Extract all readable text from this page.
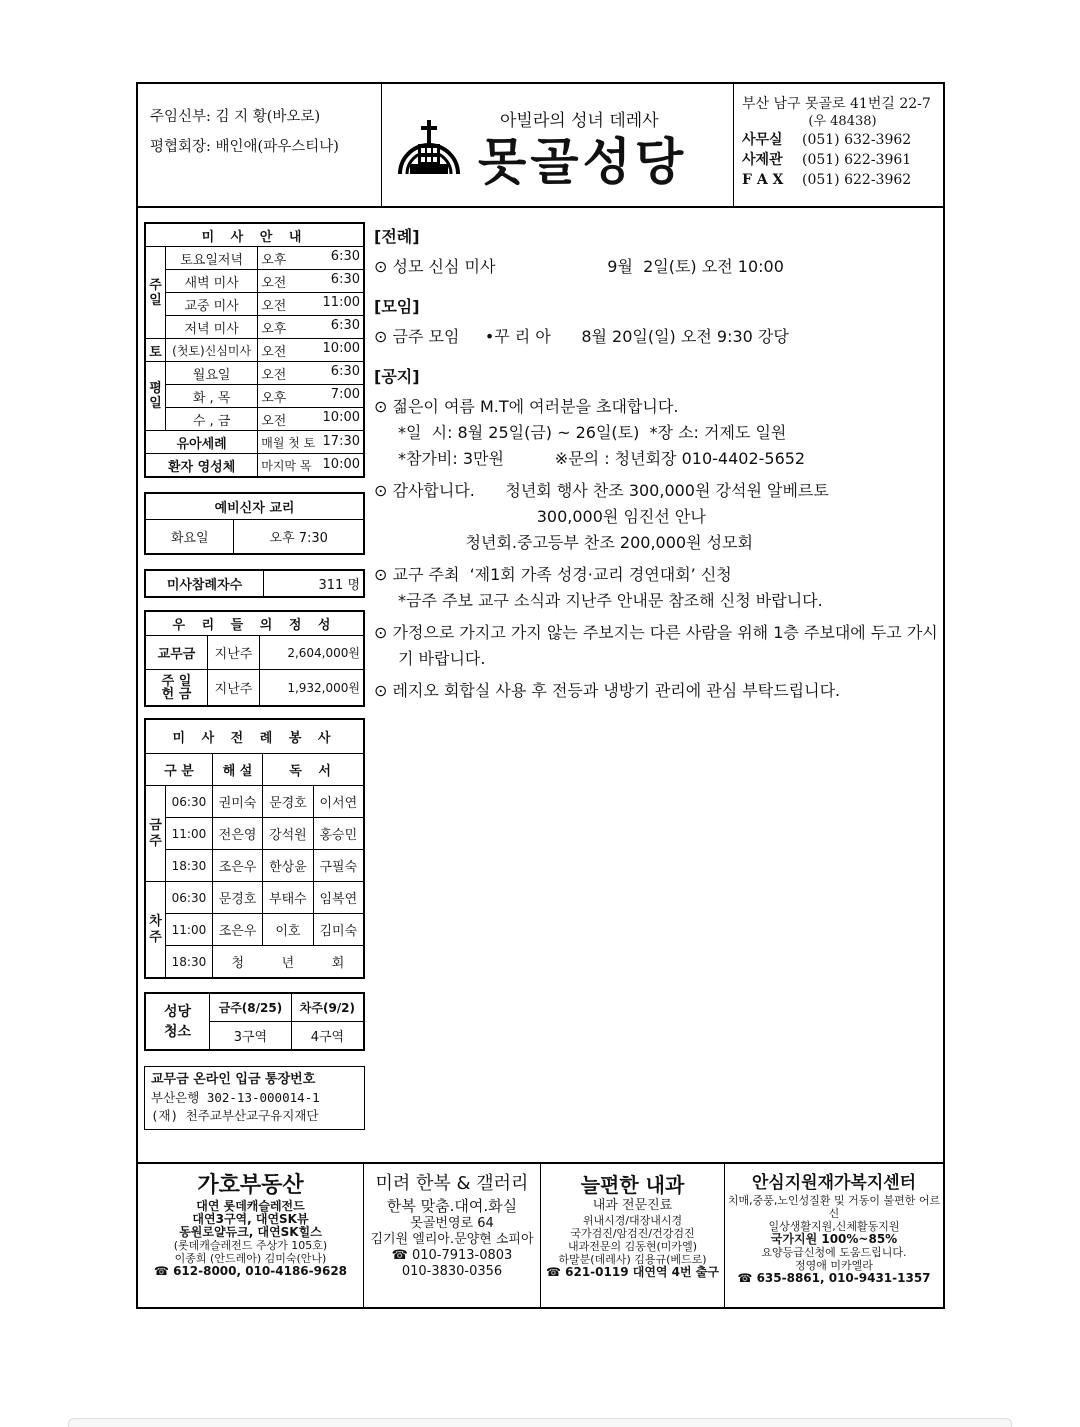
주임신부: 김 지 황(바오로)
평협회장: 배인애(파우스티나)
아빌라의 성녀 데레사
못골성당
부산 남구 못골로 41번길 22-7
(우 48438)
사무실	(051) 632-3962
사제관	(051) 622-3961
F A X	(051) 622-3962
미 사 안 내		
주일	토요일저녁	오후 6:30

	새벽 미사	오전 6:30

	교중 미사	오전 11:00

	저녁 미사	오후 6:30

토	(첫토)신심미사	오전 10:00

평일	월요일	오전 6:30

	화 , 목	오후 7:00

	수 , 금	오전 10:00

유아세례		매월 첫 토 17:30

환자 영성체		마지막 목 10:00
예비신자 교리
화요일	오후 7:30
미사참례자수	311 명
우 리 들 의 정 성		
교무금	지난주	2,604,000원
주 일
헌 금	지난주	1,932,000원
미 사 전 례 봉 사				
구 분		해 설	독 서	
금주	06:30	권미숙	문경호	이서연
	11:00	전은영	강석원	홍승민
	18:30	조은우	한상윤	구필숙
차주	06:30	문경호	부태수	임복연
	11:00	조은우	이호	김미숙
	18:30	청	년	회
성당
청소	금주(8/25)	차주(9/2)
	3구역	4구역
교무금 온라인 입금 통장번호
부산은행 302-13-000014-1
(재) 천주교부산교구유지재단
[전례]
⊙ 성모 신심 미사                      9월  2일(토) 오전 10:00
[모임]
⊙ 금주 모임     •꾸 리 아      8월 20일(일) 오전 9:30 강당
[공지]
⊙ 젊은이 여름 M.T에 여러분을 초대합니다.
*일  시: 8월 25일(금) ~ 26일(토)  *장 소: 거제도 일원
*참가비: 3만원          ※문의 : 청년회장 010-4402-5652
⊙ 감사합니다.      청년회 행사 찬조 300,000원 강석원 알베르토
300,000원 임진선 안나
청년회.중고등부 찬조 200,000원 성모회
⊙ 교구 주최  ‘제1회 가족 성경·교리 경연대회’ 신청
*금주 주보 교구 소식과 지난주 안내문 참조해 신청 바랍니다.
⊙ 가정으로 가지고 가지 않는 주보지는 다른 사람을 위해 1층 주보대에 두고 가시기 바랍니다.
⊙ 레지오 회합실 사용 후 전등과 냉방기 관리에 관심 부탁드립니다.
가호부동산
대연 롯데캐슬레전드
대연3구역, 대연SK뷰
동원로얄듀크, 대연SK힐스
(롯데캐슬레전드 주상가 105호)
이종희 (안드레아) 김미숙(안나)
☎ 612-8000, 010-4186-9628
미려 한복 & 갤러리
한복 맞춤.대여.화실
못골번영로 64
김기원 엘리아.문양현 소피아
☎ 010-7913-0803
010-3830-0356
늘편한 내과
내과 전문진료
위내시경/대장내시경
국가검진/암검진/건강검진
내과전문의 김동현(미카엘)
하말분(데레사) 김용규(베드로)
☎ 621-0119 대연역 4번 출구
안심지원재가복지센터
치매,중풍,노인성질환 및 거동이 불편한 어르신
일상생활지원,신체활동지원
국가지원 100%~85%
요양등급신청에 도움드립니다.
정영애 미카엘라
☎ 635-8861, 010-9431-1357
